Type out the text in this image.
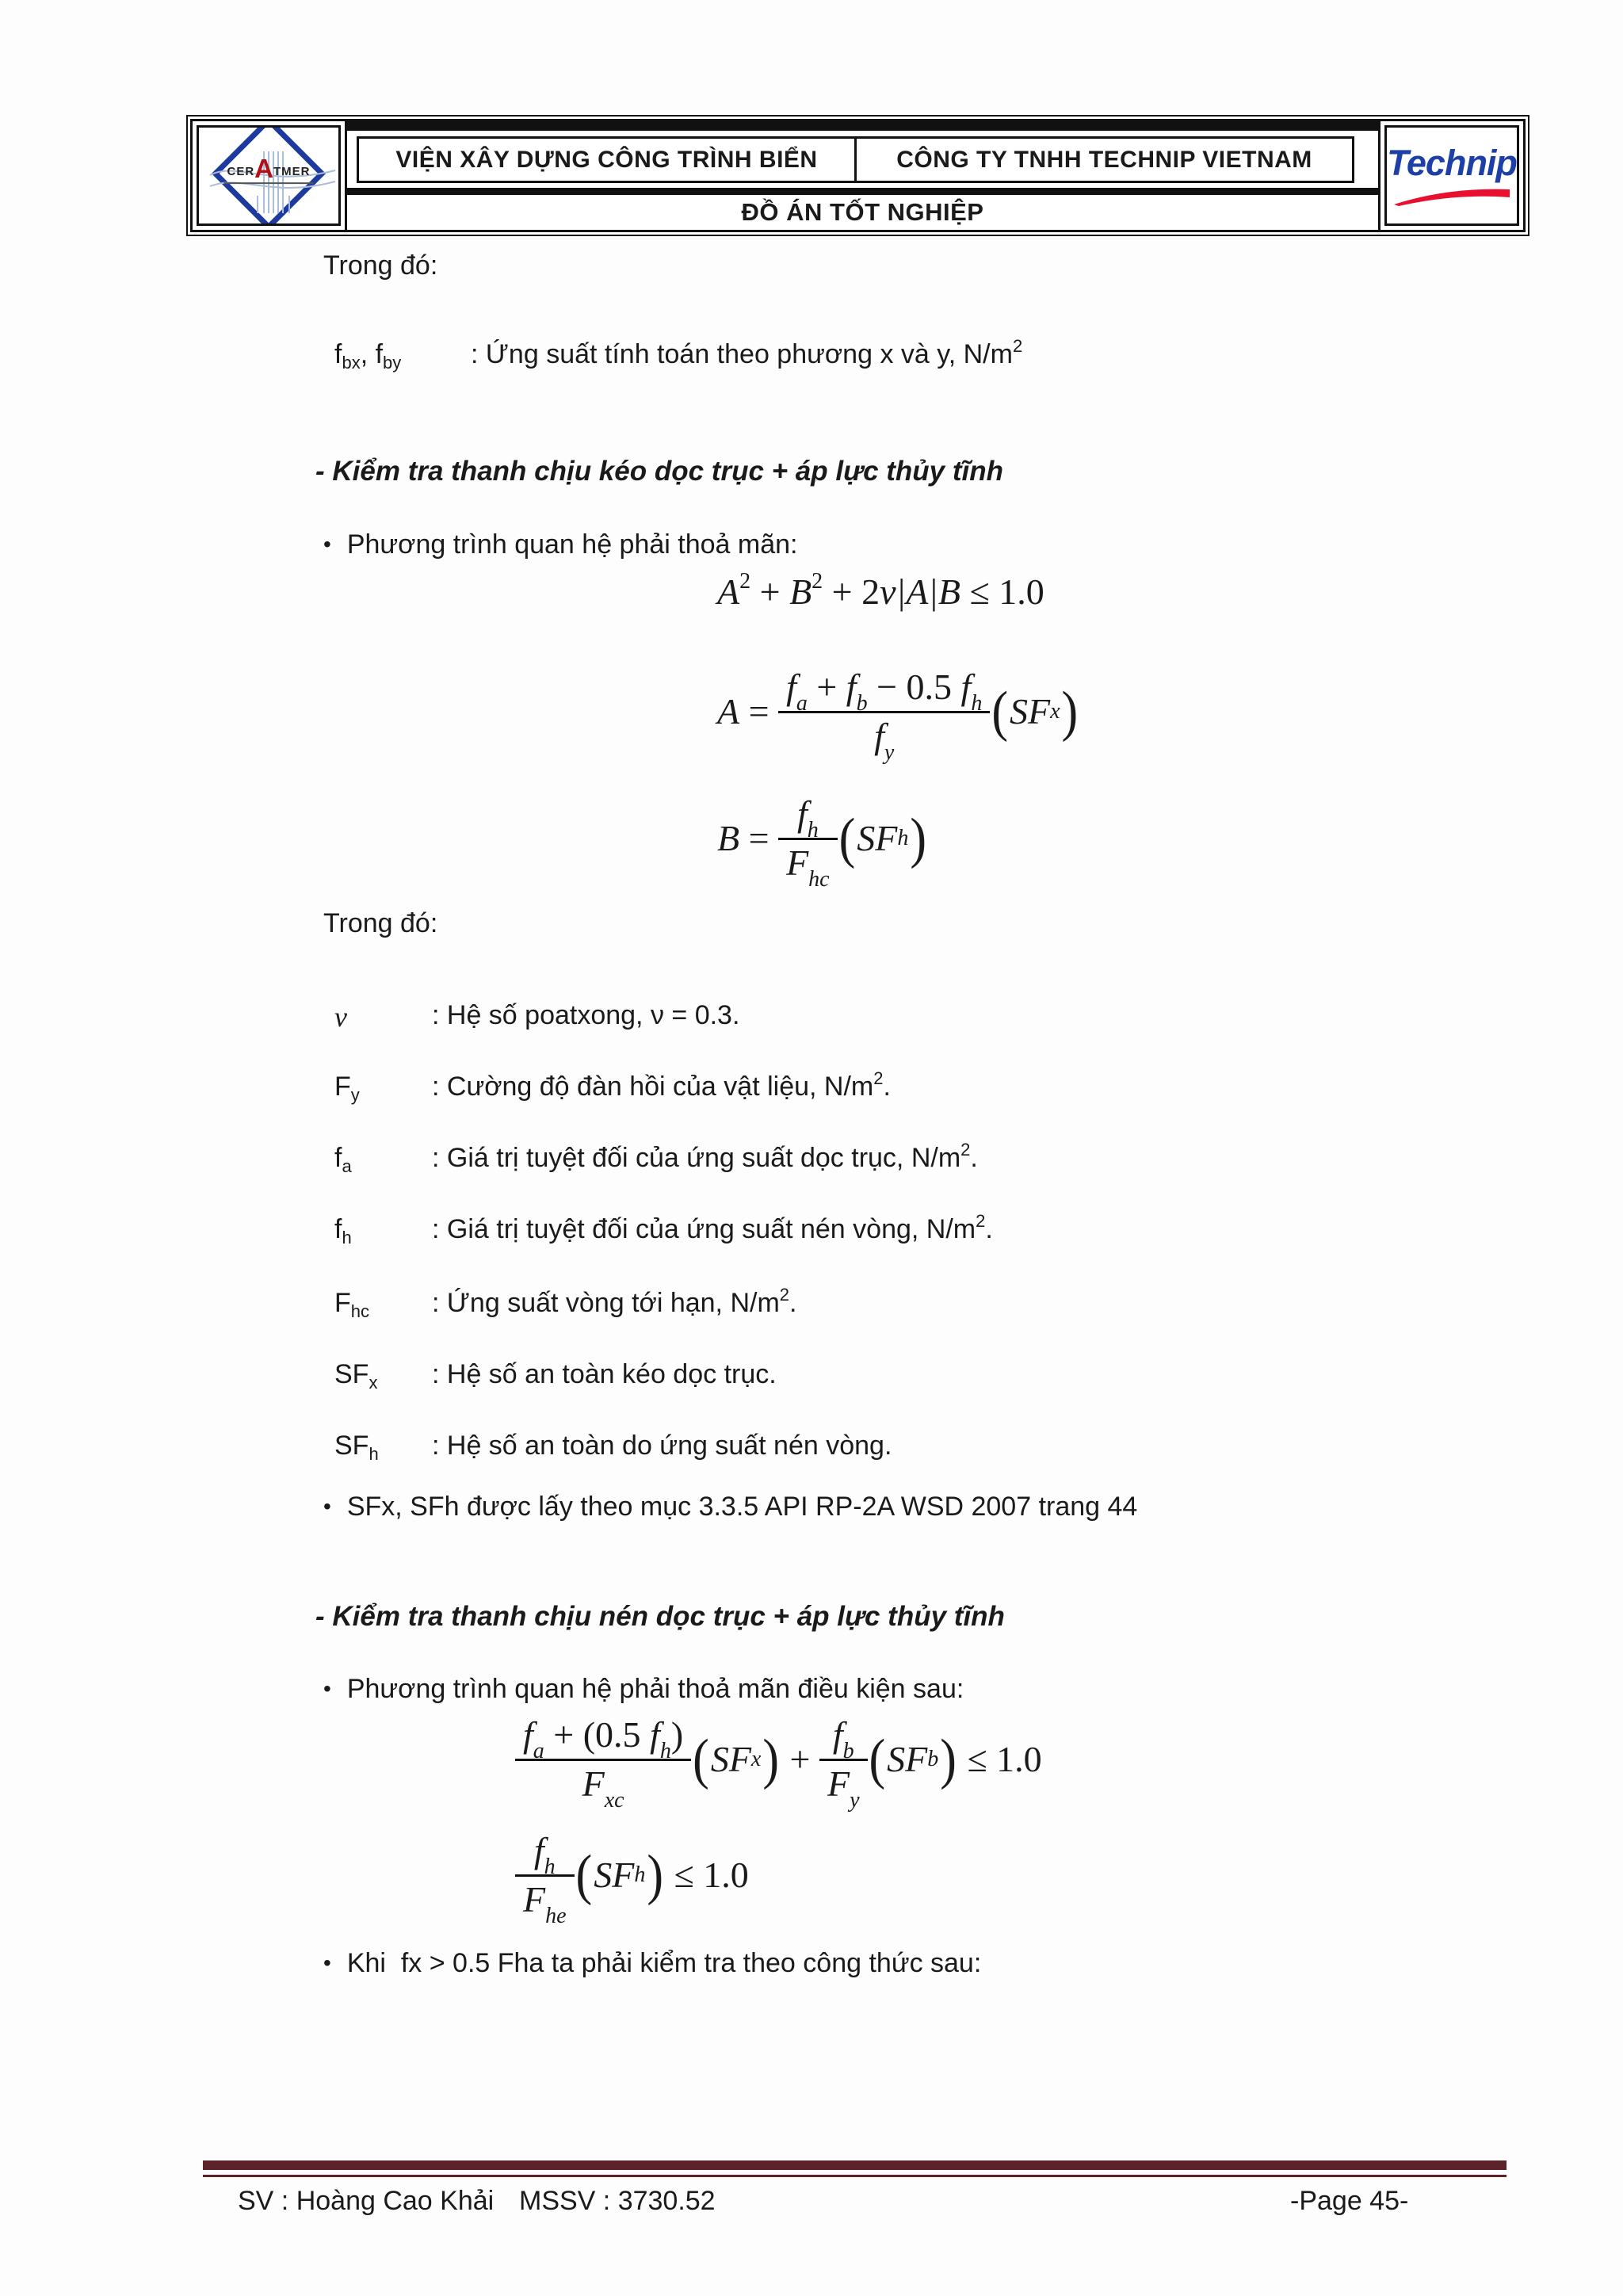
CERATMER	VIỆN XÂY DỰNG CÔNG TRÌNH BIỂN	CÔNG TY TNHH TECHNIP VIETNAM
ĐỒ ÁN TỐT NGHIỆP
Technip
Trong đó:
$f_{bx}$, $f_{by}$	: Ứng suất tính toán theo phương x và y, $N/m^2$
- Kiểm tra thanh chịu kéo dọc trục + áp lực thủy tĩnh
• Phương trình quan hệ phải thoả mãn:
$A^2 + B^2 + 2\nu|A|B \le 1.0$
$A = \frac{f_a + f_b - 0.5 f_h}{f_y}$ ( SF x )
$B = \frac{f_h}{F_{hc}}$ ( SF h )
Trong đó:
ν	: Hệ số poatxong, ν = 0.3.
$F_y$	: Cường độ đàn hồi của vật liệu, $N/m^2$.
$f_a$	: Giá trị tuyệt đối của ứng suất dọc trục, $N/m^2$.
$f_h$	: Giá trị tuyệt đối của ứng suất nén vòng, $N/m^2$.
$F_{hc}$ : Ứng suất vòng tới hạn, $N/m^2$.
$SF_x$ : Hệ số an toàn kéo dọc trục.
$SF_h$ : Hệ số an toàn do ứng suất nén vòng.
• SFx, SFh được lấy theo mục 3.3.5 API RP-2A WSD 2007 trang 44
- Kiểm tra thanh chịu nén dọc trục + áp lực thủy tĩnh
• Phương trình quan hệ phải thoả mãn điều kiện sau:
$\frac{f_a + (0.5 f_h)}{F_{xc}}$ ( SF x ) + $\frac{f_b}{F_y}$ ( SF b ) ≤ 1.0
$\frac{f_h}{F_{he}}$ ( SF h ) ≤ 1.0
• Khi  fx > 0.5 Fha ta phải kiểm tra theo công thức sau:
SV : Hoàng Cao Khải MSSV : 3730.52	-Page 45-
